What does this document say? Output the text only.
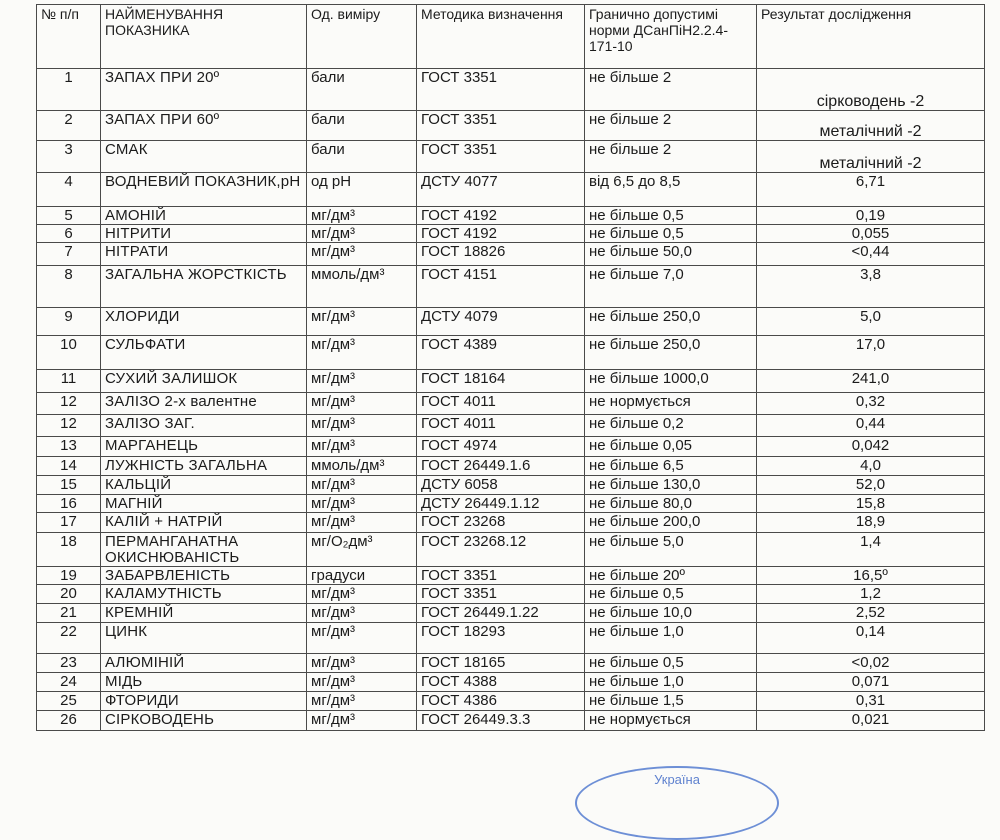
№ п/п	НАЙМЕНУВАННЯ ПОКАЗНИКА	Од. виміру	Методика визначення	Гранично допустимі норми ДСанПіН2.2.4-171-10	Результат дослідження
1	ЗАПАХ ПРИ 20º	бали	ГОСТ 3351	не більше 2	сірководень -2
2	ЗАПАХ ПРИ 60º	бали	ГОСТ 3351	не більше 2	металічний -2
3	СМАК	бали	ГОСТ 3351	не більше 2	металічний -2
4	ВОДНЕВИЙ ПОКАЗНИК,pH	од pH	ДСТУ 4077	від 6,5 до 8,5	6,71
5	АМОНІЙ	мг/дм³	ГОСТ 4192	не більше 0,5	0,19
6	НІТРИТИ	мг/дм³	ГОСТ 4192	не більше 0,5	0,055
7	НІТРАТИ	мг/дм³	ГОСТ 18826	не більше 50,0	<0,44
8	ЗАГАЛЬНА ЖОРСТКІСТЬ	ммоль/дм³	ГОСТ 4151	не більше 7,0	3,8
9	ХЛОРИДИ	мг/дм³	ДСТУ 4079	не більше 250,0	5,0
10	СУЛЬФАТИ	мг/дм³	ГОСТ 4389	не більше 250,0	17,0
11	СУХИЙ ЗАЛИШОК	мг/дм³	ГОСТ 18164	не більше 1000,0	241,0
12	ЗАЛІЗО 2-х валентне	мг/дм³	ГОСТ 4011	не нормується	0,32
12	ЗАЛІЗО ЗАГ.	мг/дм³	ГОСТ 4011	не більше 0,2	0,44
13	МАРГАНЕЦЬ	мг/дм³	ГОСТ 4974	не більше 0,05	0,042
14	ЛУЖНІСТЬ ЗАГАЛЬНА	ммоль/дм³	ГОСТ 26449.1.6	не більше 6,5	4,0
15	КАЛЬЦІЙ	мг/дм³	ДСТУ 6058	не більше 130,0	52,0
16	МАГНІЙ	мг/дм³	ДСТУ 26449.1.12	не більше 80,0	15,8
17	КАЛІЙ + НАТРІЙ	мг/дм³	ГОСТ 23268	не більше 200,0	18,9
18	ПЕРМАНГАНАТНА ОКИСНЮВАНІСТЬ	мг/О₂дм³	ГОСТ 23268.12	не більше 5,0	1,4
19	ЗАБАРВЛЕНІСТЬ	градуси	ГОСТ 3351	не більше 20º	16,5º
20	КАЛАМУТНІСТЬ	мг/дм³	ГОСТ 3351	не більше 0,5	1,2
21	КРЕМНІЙ	мг/дм³	ГОСТ 26449.1.22	не більше 10,0	2,52
22	ЦИНК	мг/дм³	ГОСТ 18293	не більше 1,0	0,14
23	АЛЮМІНІЙ	мг/дм³	ГОСТ 18165	не більше 0,5	<0,02
24	МІДЬ	мг/дм³	ГОСТ 4388	не більше 1,0	0,071
25	ФТОРИДИ	мг/дм³	ГОСТ 4386	не більше 1,5	0,31
26	СІРКОВОДЕНЬ	мг/дм³	ГОСТ 26449.3.3	не нормується	0,021
Україна
